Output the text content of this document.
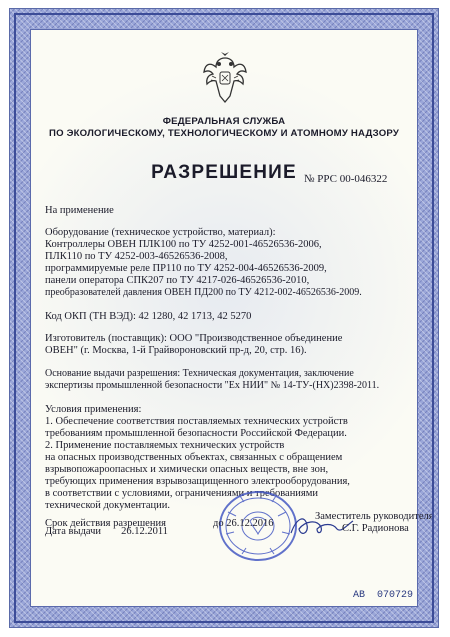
ФЕДЕРАЛЬНАЯ СЛУЖБА
ПО ЭКОЛОГИЧЕСКОМУ, ТЕХНОЛОГИЧЕСКОМУ И АТОМНОМУ НАДЗОРУ
РАЗРЕШЕНИЕ № РРС 00-046322
На применение
Оборудование (техническое устройство, материал):
Контроллеры ОВЕН ПЛК100 по ТУ 4252-001-46526536-2006,
ПЛК110 по ТУ 4252-003-46526536-2008,
программируемые реле ПР110 по ТУ 4252-004-46526536-2009,
панели оператора СПК207 по ТУ 4217-026-46526536-2010,
преобразователей давления ОВЕН ПД200 по ТУ 4212-002-46526536-2009.
Код ОКП (ТН ВЭД): 42 1280, 42 1713, 42 5270
Изготовитель (поставщик): ООО "Производственное объединение
ОВЕН" (г. Москва, 1-й Грайвороновский пр-д, 20, стр. 16).
Основание выдачи разрешения: Техническая документация, заключение
экспертизы промышленной безопасности "Ех НИИ" № 14-ТУ-(НХ)2398-2011.
Условия применения:
1. Обеспечение соответствия поставляемых технических устройств
требованиям промышленной безопасности Российской Федерации.
2. Применение поставляемых технических устройств
на опасных производственных объектах, связанных с обращением
взрывопожароопасных и химически опасных веществ, вне зон,
требующих применения взрывозащищенного электрооборудования,
в соответствии с условиями, ограничениями и требованиями
технической документации.
Срок действия разрешения	до 26.12.2016
Заместитель руководителя
С.Г. Радионова
Дата выдачи 26.12.2011
АВ 070729
